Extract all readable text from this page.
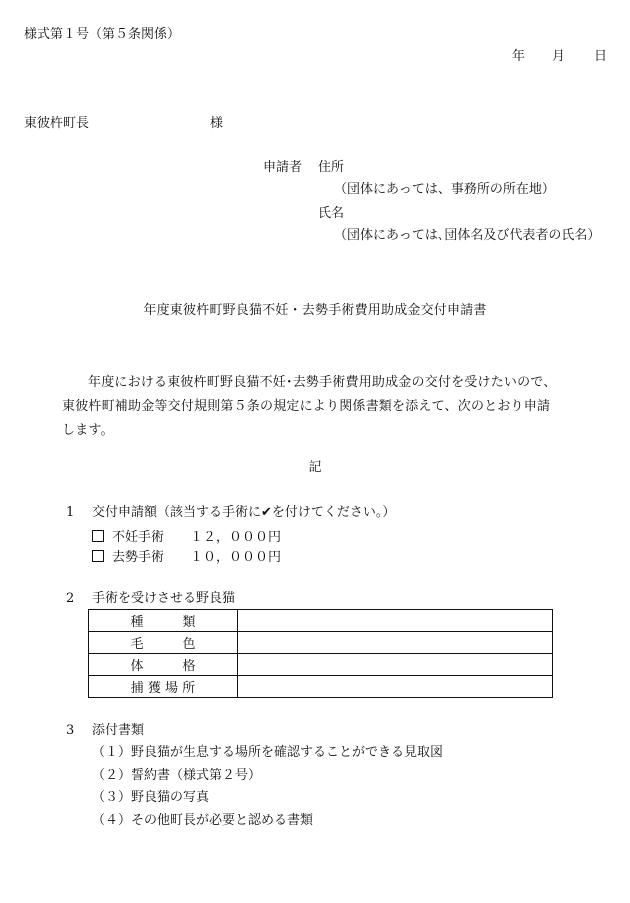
様式第１号（第５条関係）
年 月 日
東彼杵町長	様
申請者 住所
（団体にあっては、事務所の所在地）
氏名
（団体にあっては､団体名及び代表者の氏名）
年度東彼杵町野良猫不妊・去勢手術費用助成金交付申請書

年度における東彼杵町野良猫不妊･去勢手術費用助成金の交付を受けたいので、

東彼杵町補助金等交付規則第５条の規定により関係書類を添えて、次のとおり申請

します。

記
1 交付申請額（該当する手術に✔を付けてください。）
不妊手術 １２，０００円
去勢手術 １０，０００円
2 手術を受けさせる野良猫
種　　　類	
毛　　　色	
体　　　格	
捕 獲 場 所	
3 添付書類
（１）野良猫が生息する場所を確認することができる見取図
（２）誓約書（様式第２号）
（３）野良猫の写真
（４）その他町長が必要と認める書類
